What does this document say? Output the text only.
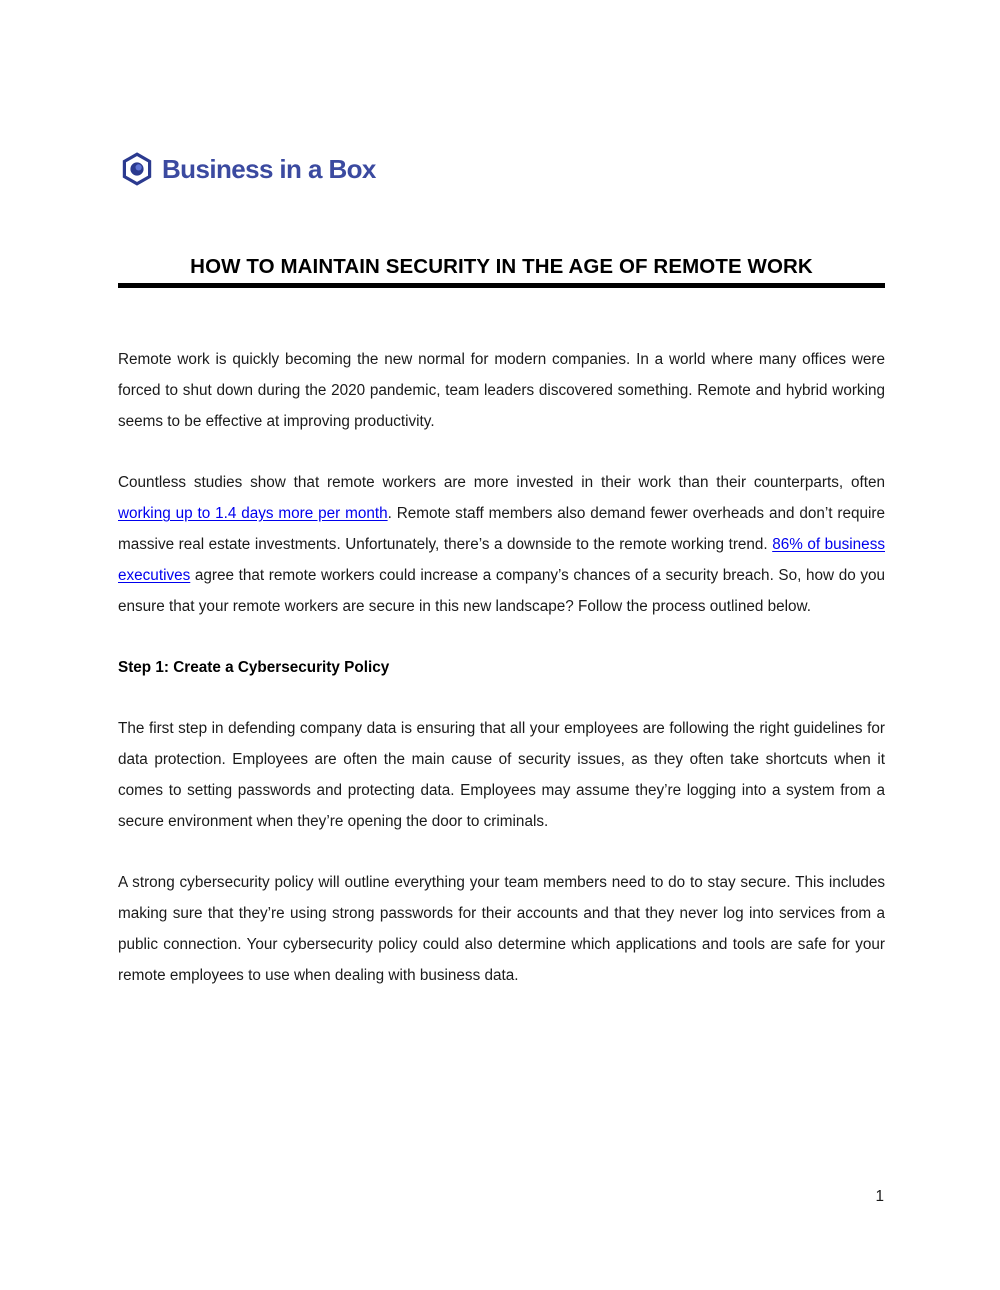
Business in a Box
HOW TO MAINTAIN SECURITY IN THE AGE OF REMOTE WORK

Remote work is quickly becoming the new normal for modern companies. In a world where many offices were forced to shut down during the 2020 pandemic, team leaders discovered something. Remote and hybrid working seems to be effective at improving productivity.

Countless studies show that remote workers are more invested in their work than their counterparts, often working up to 1.4 days more per month. Remote staff members also demand fewer overheads and don’t require massive real estate investments. Unfortunately, there’s a downside to the remote working trend. 86% of business executives agree that remote workers could increase a company’s chances of a security breach. So, how do you ensure that your remote workers are secure in this new landscape? Follow the process outlined below.

Step 1: Create a Cybersecurity Policy

The first step in defending company data is ensuring that all your employees are following the right guidelines for data protection. Employees are often the main cause of security issues, as they often take shortcuts when it comes to setting passwords and protecting data. Employees may assume they’re logging into a system from a secure environment when they’re opening the door to criminals.

A strong cybersecurity policy will outline everything your team members need to do to stay secure. This includes making sure that they’re using strong passwords for their accounts and that they never log into services from a public connection. Your cybersecurity policy could also determine which applications and tools are safe for your remote employees to use when dealing with business data.

1
